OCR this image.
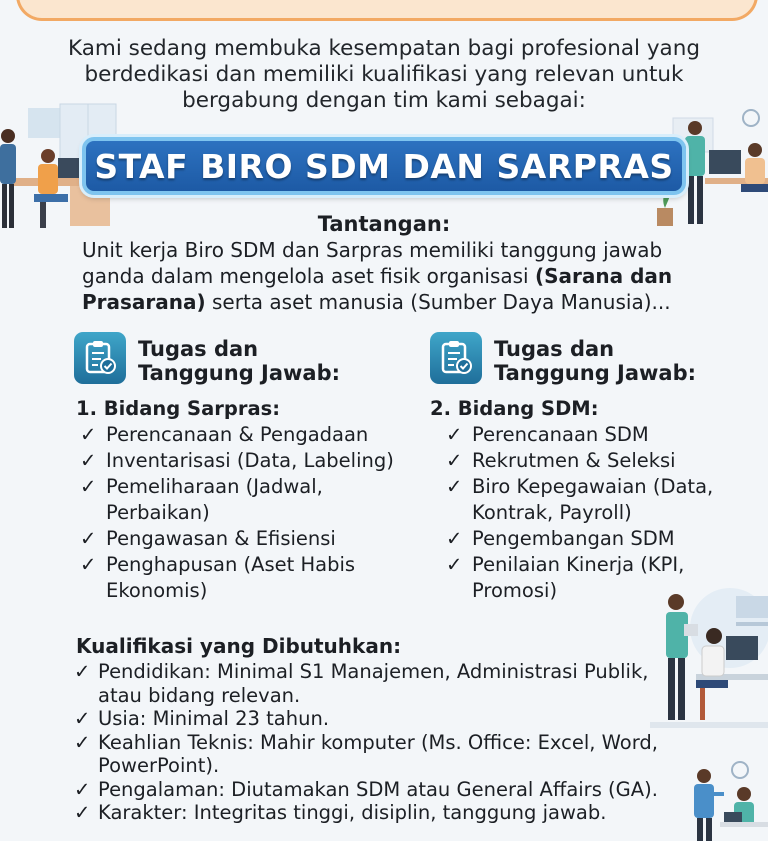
Kami sedang membuka kesempatan bagi profesional yang
berdedikasi dan memiliki kualifikasi yang relevan untuk
bergabung dengan tim kami sebagai:
STAF BIRO SDM DAN SARPRAS
Tantangan:
Unit kerja Biro SDM dan Sarpras memiliki tanggung jawab
ganda dalam mengelola aset fisik organisasi (Sarana dan
Prasarana) serta aset manusia (Sumber Daya Manusia)...
Tugas dan
Tanggung Jawab:
1. Bidang Sarpras:
✓ Perencanaan & Pengadaan
✓ Inventarisasi (Data, Labeling)
✓ Pemeliharaan (Jadwal,
Perbaikan)
✓ Pengawasan & Efisiensi
✓ Penghapusan (Aset Habis
Ekonomis)
Tugas dan
Tanggung Jawab:
2. Bidang SDM:
✓ Perencanaan SDM
✓ Rekrutmen & Seleksi
✓ Biro Kepegawaian (Data,
Kontrak, Payroll)
✓ Pengembangan SDM
✓ Penilaian Kinerja (KPI,
Promosi)
Kualifikasi yang Dibutuhkan:
✓ Pendidikan: Minimal S1 Manajemen, Administrasi Publik,
atau bidang relevan.
✓ Usia: Minimal 23 tahun.
✓ Keahlian Teknis: Mahir komputer (Ms. Office: Excel, Word,
PowerPoint).
✓ Pengalaman: Diutamakan SDM atau General Affairs (GA).
✓ Karakter: Integritas tinggi, disiplin, tanggung jawab.
